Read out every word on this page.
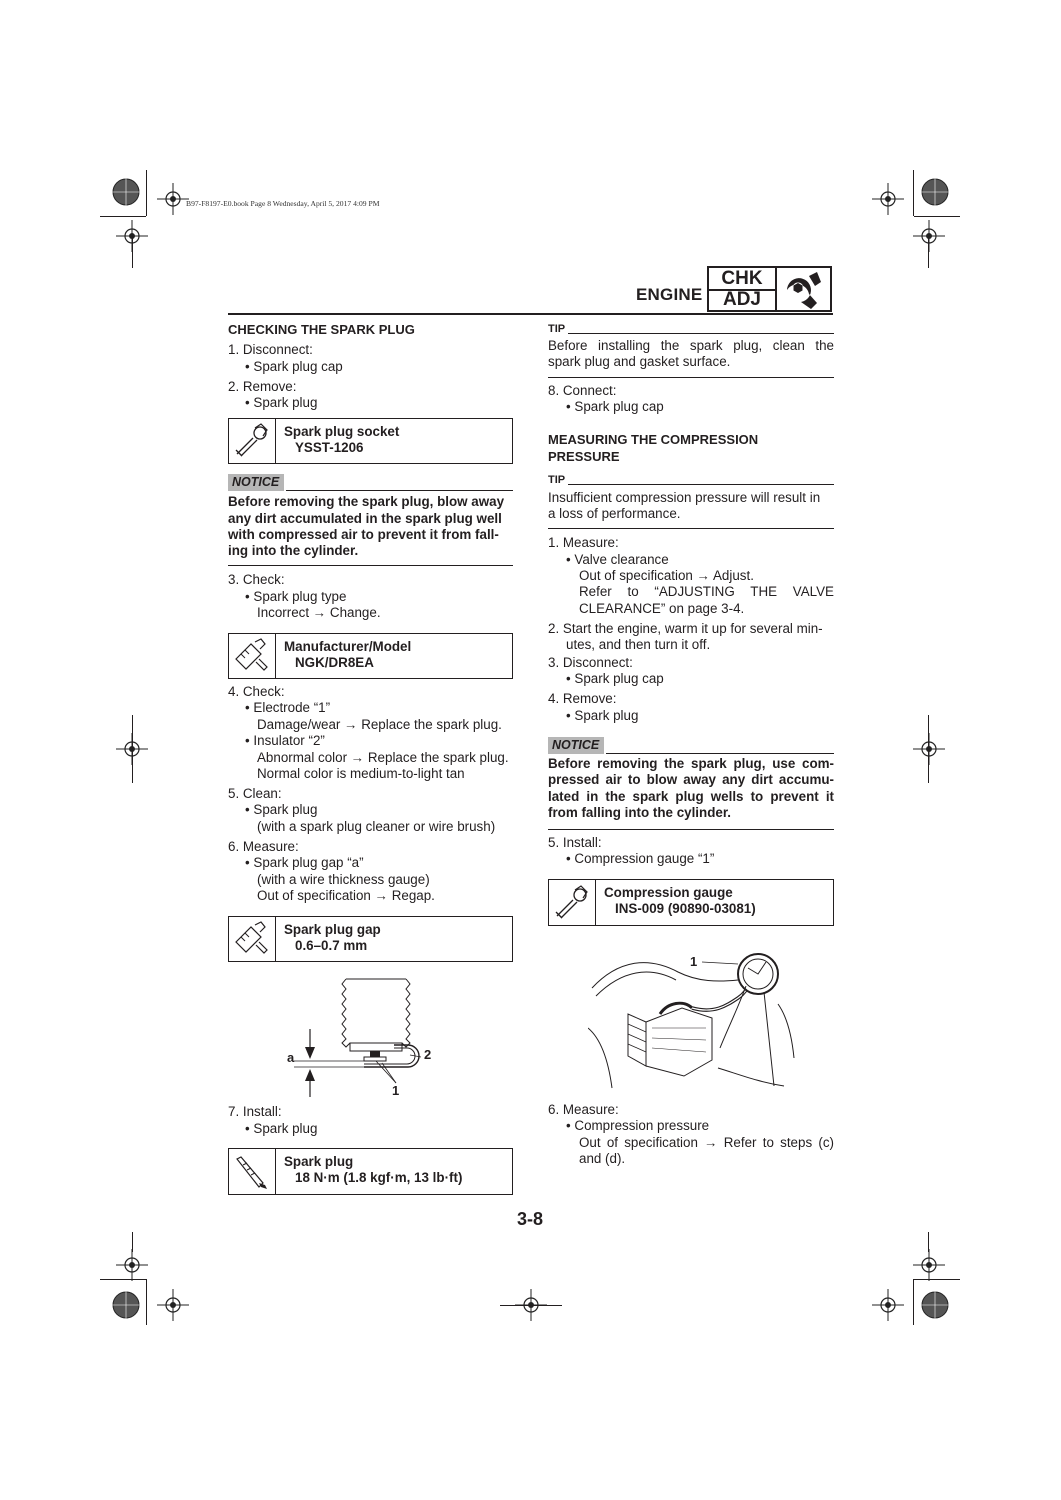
B97-F8197-E0.book Page 8 Wednesday, April 5, 2017 4:09 PM
ENGINE
CHK
ADJ
CHECKING THE SPARK PLUG
1. Disconnect:
• Spark plug cap
2. Remove:
• Spark plug
Spark plug socket
YSST-1206
NOTICE
Before removing the spark plug, blow away
any dirt accumulated in the spark plug well
with compressed air to prevent it from fall-
ing into the cylinder.
3. Check:
• Spark plug type
Incorrect → Change.
Manufacturer/Model
NGK/DR8EA
4. Check:
• Electrode “1”
Damage/wear → Replace the spark plug.
• Insulator “2”
Abnormal color → Replace the spark plug.
Normal color is medium-to-light tan
5. Clean:
• Spark plug
(with a spark plug cleaner or wire brush)
6. Measure:
• Spark plug gap “a”
(with a wire thickness gauge)
Out of specification → Regap.
Spark plug gap
0.6–0.7 mm
a	2
1
7. Install:
• Spark plug
Spark plug
18 N·m (1.8 kgf·m, 13 lb·ft)
TIP
Before installing the spark plug, clean the
spark plug and gasket surface.
8. Connect:
• Spark plug cap
MEASURING THE COMPRESSION
PRESSURE
TIP
Insufficient compression pressure will result in
a loss of performance.
1. Measure:
• Valve clearance
Out of specification → Adjust.
Refer to “ADJUSTING THE VALVE
CLEARANCE” on page 3-4.
2. Start the engine, warm it up for several min-
utes, and then turn it off.
3. Disconnect:
• Spark plug cap
4. Remove:
• Spark plug
NOTICE
Before removing the spark plug, use com-
pressed air to blow away any dirt accumu-
lated in the spark plug wells to prevent it
from falling into the cylinder.
5. Install:
• Compression gauge “1”
Compression gauge
INS-009 (90890-03081)
1
6. Measure:
• Compression pressure
Out of specification → Refer to steps (c)
and (d).
3-8
